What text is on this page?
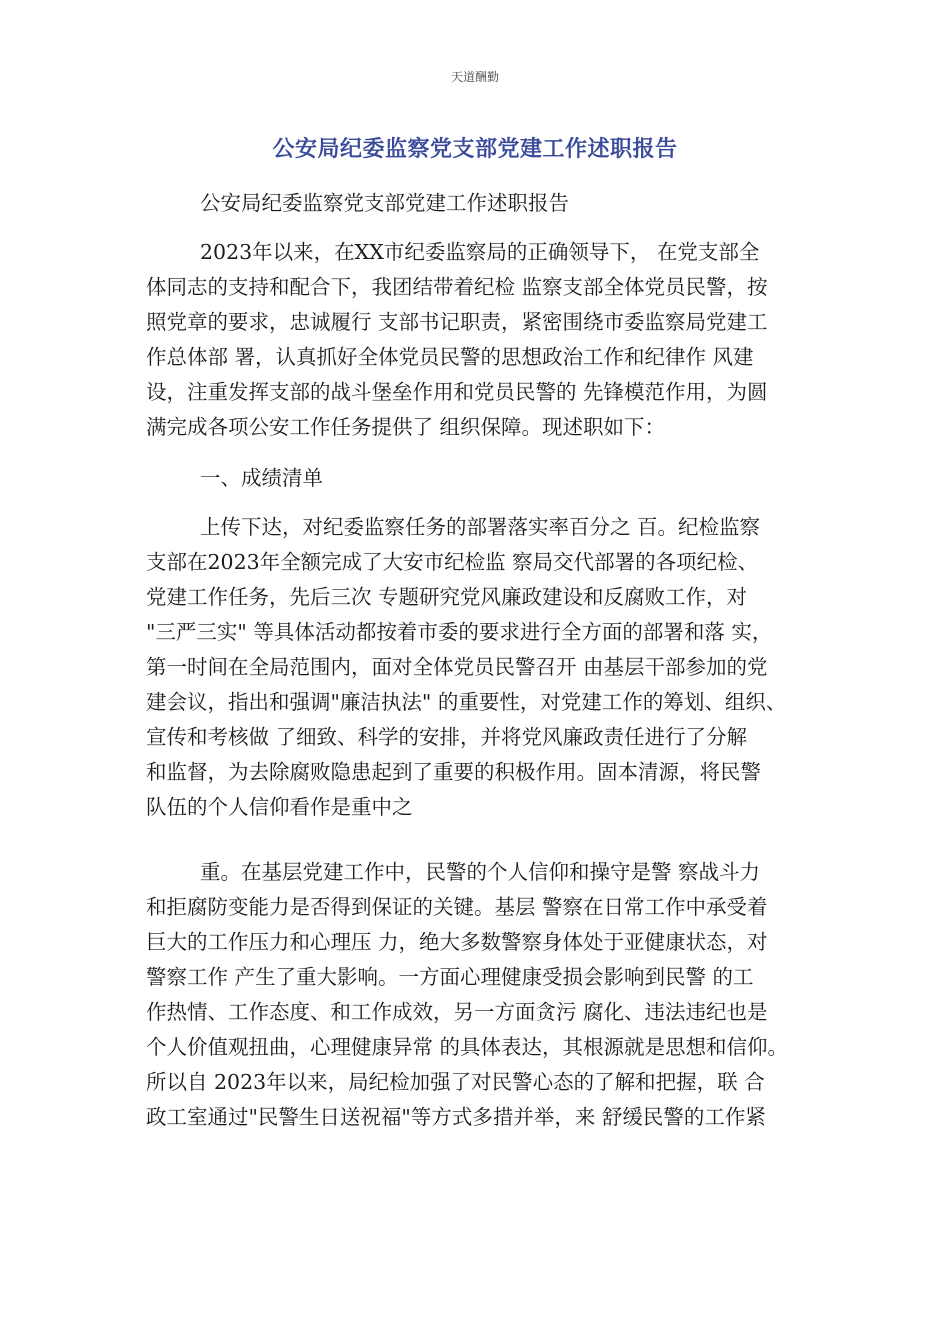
天道酬勤
公安局纪委监察党支部党建工作述职报告
公安局纪委监察党支部党建工作述职报告
2023年以来，在XX市纪委监察局的正确领导下， 在党支部全
体同志的支持和配合下，我团结带着纪检 监察支部全体党员民警，按
照党章的要求，忠诚履行 支部书记职责，紧密围绕市委监察局党建工
作总体部 署，认真抓好全体党员民警的思想政治工作和纪律作 风建
设，注重发挥支部的战斗堡垒作用和党员民警的 先锋模范作用，为圆
满完成各项公安工作任务提供了 组织保障。现述职如下：
一、成绩清单
上传下达，对纪委监察任务的部署落实率百分之 百。纪检监察
支部在2023年全额完成了大安市纪检监 察局交代部署的各项纪检、
党建工作任务，先后三次 专题研究党风廉政建设和反腐败工作，对
"三严三实" 等具体活动都按着市委的要求进行全方面的部署和落 实，
第一时间在全局范围内，面对全体党员民警召开 由基层干部参加的党
建会议，指出和强调"廉洁执法" 的重要性，对党建工作的筹划、组织、
宣传和考核做 了细致、科学的安排，并将党风廉政责任进行了分解
和监督，为去除腐败隐患起到了重要的积极作用。固本清源，将民警
队伍的个人信仰看作是重中之
重。在基层党建工作中，民警的个人信仰和操守是警 察战斗力
和拒腐防变能力是否得到保证的关键。基层 警察在日常工作中承受着
巨大的工作压力和心理压 力，绝大多数警察身体处于亚健康状态，对
警察工作 产生了重大影响。一方面心理健康受损会影响到民警 的工
作热情、工作态度、和工作成效，另一方面贪污 腐化、违法违纪也是
个人价值观扭曲，心理健康异常 的具体表达，其根源就是思想和信仰。
所以自 2023年以来，局纪检加强了对民警心态的了解和把握，联 合
政工室通过"民警生日送祝福"等方式多措并举，来 舒缓民警的工作紧
